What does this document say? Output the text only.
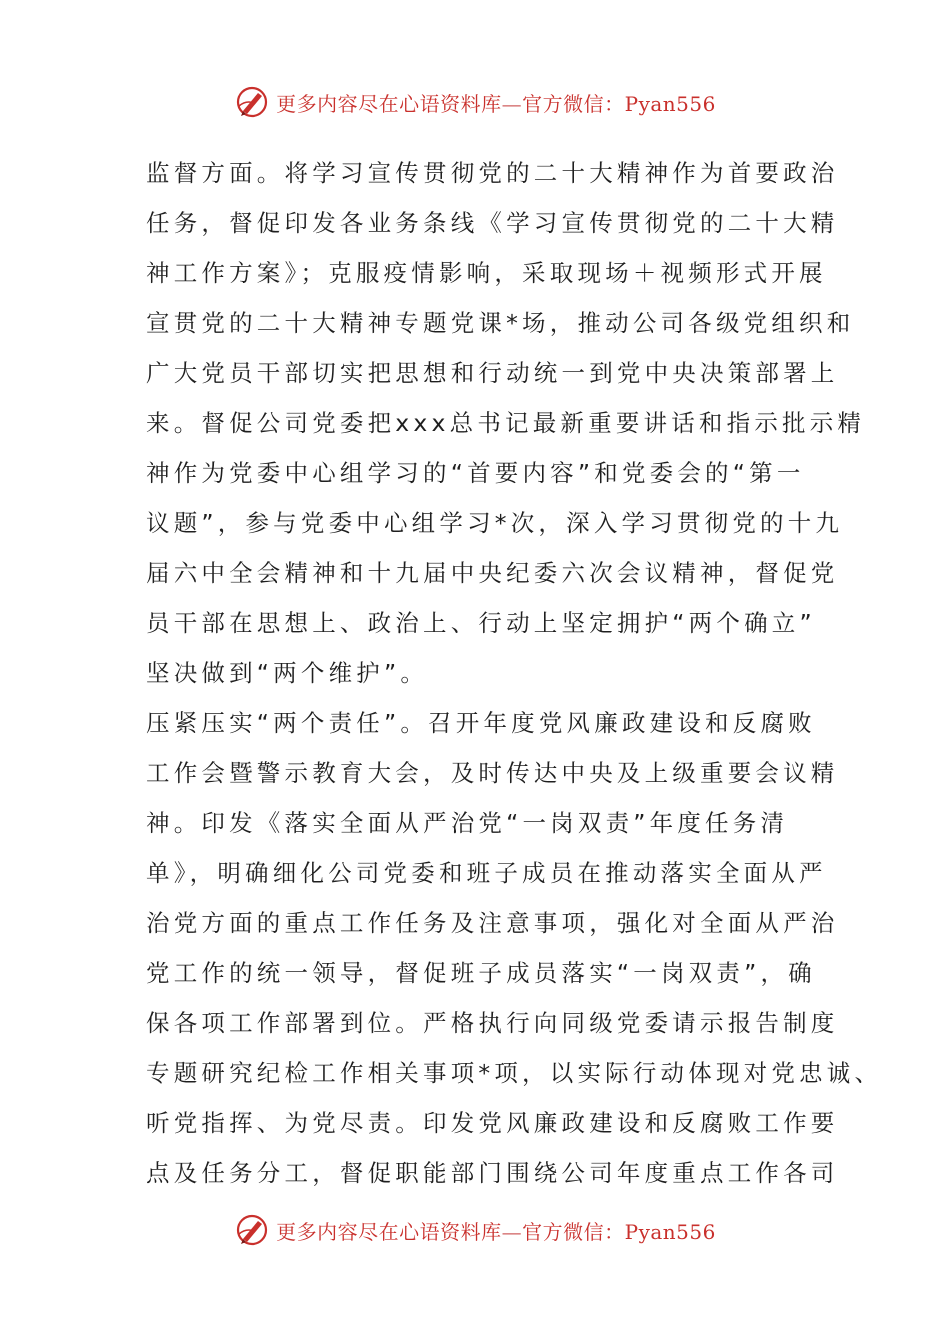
更多内容尽在心语资料库—官方微信：Pyan556
监督方面。将学习宣传贯彻党的二十大精神作为首要政治
任务，督促印发各业务条线《学习宣传贯彻党的二十大精
神工作方案》；克服疫情影响，采取现场＋视频形式开展
宣贯党的二十大精神专题党课*场，推动公司各级党组织和
广大党员干部切实把思想和行动统一到党中央决策部署上
来。督促公司党委把xxx总书记最新重要讲话和指示批示精
神作为党委中心组学习的“首要内容”和党委会的“第一
议题”，参与党委中心组学习*次，深入学习贯彻党的十九
届六中全会精神和十九届中央纪委六次会议精神，督促党
员干部在思想上、政治上、行动上坚定拥护“两个确立”
坚决做到“两个维护”。
压紧压实“两个责任”。召开年度党风廉政建设和反腐败
工作会暨警示教育大会，及时传达中央及上级重要会议精
神。印发《落实全面从严治党“一岗双责”年度任务清
单》，明确细化公司党委和班子成员在推动落实全面从严
治党方面的重点工作任务及注意事项，强化对全面从严治
党工作的统一领导，督促班子成员落实“一岗双责”，确
保各项工作部署到位。严格执行向同级党委请示报告制度
专题研究纪检工作相关事项*项，以实际行动体现对党忠诚、
听党指挥、为党尽责。印发党风廉政建设和反腐败工作要
点及任务分工，督促职能部门围绕公司年度重点工作各司
更多内容尽在心语资料库—官方微信：Pyan556
